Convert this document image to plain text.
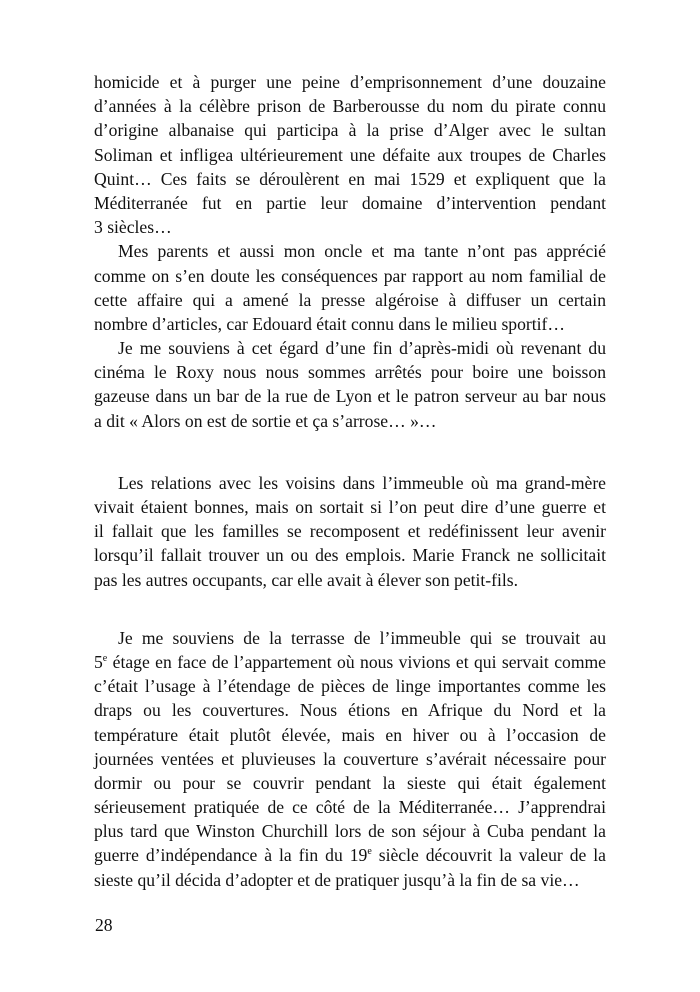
homicide et à purger une peine d’emprisonnement d’une douzaine
d’années à la célèbre prison de Barberousse du nom du pirate connu
d’origine albanaise qui participa à la prise d’Alger avec le sultan
Soliman et infligea ultérieurement une défaite aux troupes de Charles
Quint… Ces faits se déroulèrent en mai 1529 et expliquent que la
Méditerranée fut en partie leur domaine d’intervention pendant
3 siècles…
Mes parents et aussi mon oncle et ma tante n’ont pas apprécié
comme on s’en doute les conséquences par rapport au nom familial de
cette affaire qui a amené la presse algéroise à diffuser un certain
nombre d’articles, car Edouard était connu dans le milieu sportif…
Je me souviens à cet égard d’une fin d’après-midi où revenant du
cinéma le Roxy nous nous sommes arrêtés pour boire une boisson
gazeuse dans un bar de la rue de Lyon et le patron serveur au bar nous
a dit « Alors on est de sortie et ça s’arrose… »…
Les relations avec les voisins dans l’immeuble où ma grand-mère
vivait étaient bonnes, mais on sortait si l’on peut dire d’une guerre et
il fallait que les familles se recomposent et redéfinissent leur avenir
lorsqu’il fallait trouver un ou des emplois. Marie Franck ne sollicitait
pas les autres occupants, car elle avait à élever son petit-fils.
Je me souviens de la terrasse de l’immeuble qui se trouvait au
5e étage en face de l’appartement où nous vivions et qui servait comme
c’était l’usage à l’étendage de pièces de linge importantes comme les
draps ou les couvertures. Nous étions en Afrique du Nord et la
température était plutôt élevée, mais en hiver ou à l’occasion de
journées ventées et pluvieuses la couverture s’avérait nécessaire pour
dormir ou pour se couvrir pendant la sieste qui était également
sérieusement pratiquée de ce côté de la Méditerranée… J’apprendrai
plus tard que Winston Churchill lors de son séjour à Cuba pendant la
guerre d’indépendance à la fin du 19e siècle découvrit la valeur de la
sieste qu’il décida d’adopter et de pratiquer jusqu’à la fin de sa vie…
28
